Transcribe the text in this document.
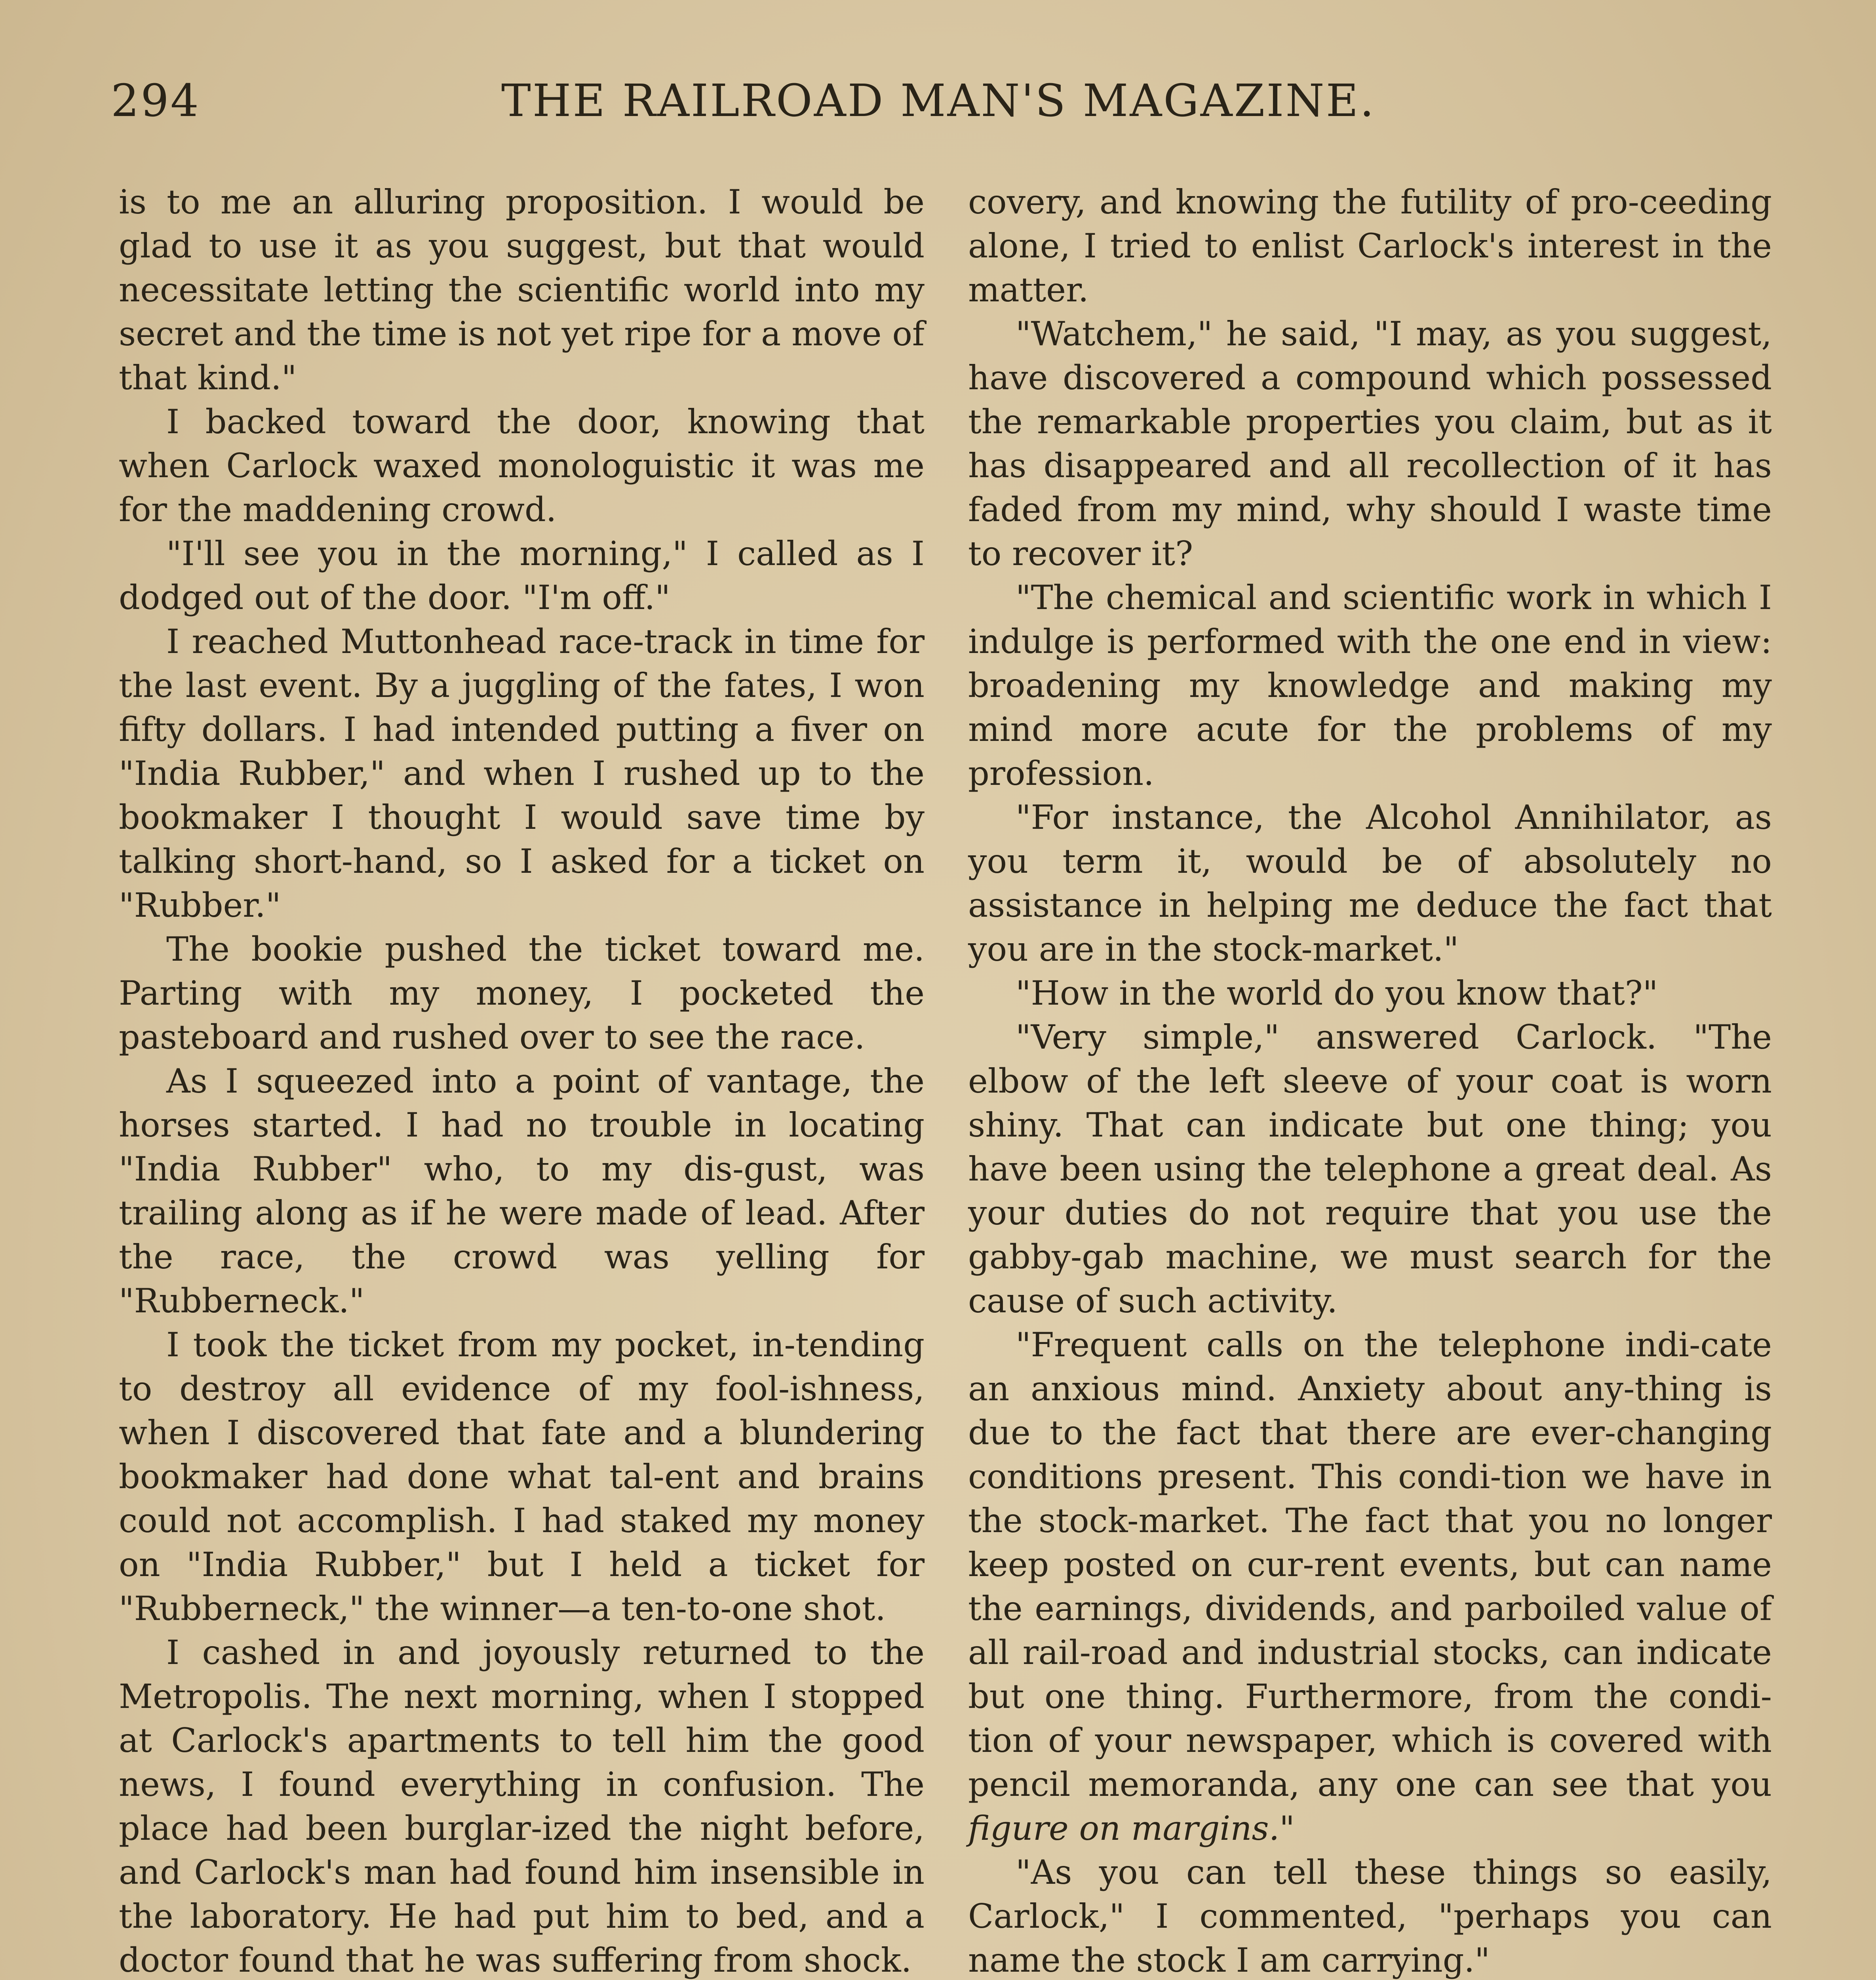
294	THE RAILROAD MAN'S MAGAZINE.

is to me an alluring proposition. I would be glad to use it as you suggest, but that would necessitate letting the scientific world into my secret and the time is not yet ripe for a move of that kind."

I backed toward the door, knowing that when Carlock waxed monologuistic it was me for the maddening crowd.

"I'll see you in the morning," I called as I dodged out of the door. "I'm off."

I reached Muttonhead race-track in time for the last event. By a juggling of the fates, I won fifty dollars. I had intended putting a fiver on "India Rubber," and when I rushed up to the bookmaker I thought I would save time by talking short-hand, so I asked for a ticket on "Rubber."

The bookie pushed the ticket toward me. Parting with my money, I pocketed the pasteboard and rushed over to see the race.

As I squeezed into a point of vantage, the horses started. I had no trouble in locating "India Rubber" who, to my dis-gust, was trailing along as if he were made of lead. After the race, the crowd was yelling for "Rubberneck."

I took the ticket from my pocket, in-tending to destroy all evidence of my fool-ishness, when I discovered that fate and a blundering bookmaker had done what tal-ent and brains could not accomplish. I had staked my money on "India Rubber," but I held a ticket for "Rubberneck," the winner—a ten-to-one shot.

I cashed in and joyously returned to the Metropolis. The next morning, when I stopped at Carlock's apartments to tell him the good news, I found everything in confusion. The place had been burglar-ized the night before, and Carlock's man had found him insensible in the laboratory. He had put him to bed, and a doctor found that he was suffering from shock.

covery, and knowing the futility of pro-ceeding alone, I tried to enlist Carlock's interest in the matter.

"Watchem," he said, "I may, as you suggest, have discovered a compound which possessed the remarkable properties you claim, but as it has disappeared and all recollection of it has faded from my mind, why should I waste time to recover it?

"The chemical and scientific work in which I indulge is performed with the one end in view: broadening my knowledge and making my mind more acute for the problems of my profession.

"For instance, the Alcohol Annihilator, as you term it, would be of absolutely no assistance in helping me deduce the fact that you are in the stock-market."

"How in the world do you know that?"

"Very simple," answered Carlock. "The elbow of the left sleeve of your coat is worn shiny. That can indicate but one thing; you have been using the telephone a great deal. As your duties do not require that you use the gabby-gab machine, we must search for the cause of such activity.

"Frequent calls on the telephone indi-cate an anxious mind. Anxiety about any-thing is due to the fact that there are ever-changing conditions present. This condi-tion we have in the stock-market. The fact that you no longer keep posted on cur-rent events, but can name the earnings, dividends, and parboiled value of all rail-road and industrial stocks, can indicate but one thing. Furthermore, from the condi-tion of your newspaper, which is covered with pencil memoranda, any one can see that you figure on margins."

"As you can tell these things so easily, Carlock," I commented, "perhaps you can name the stock I am carrying."
